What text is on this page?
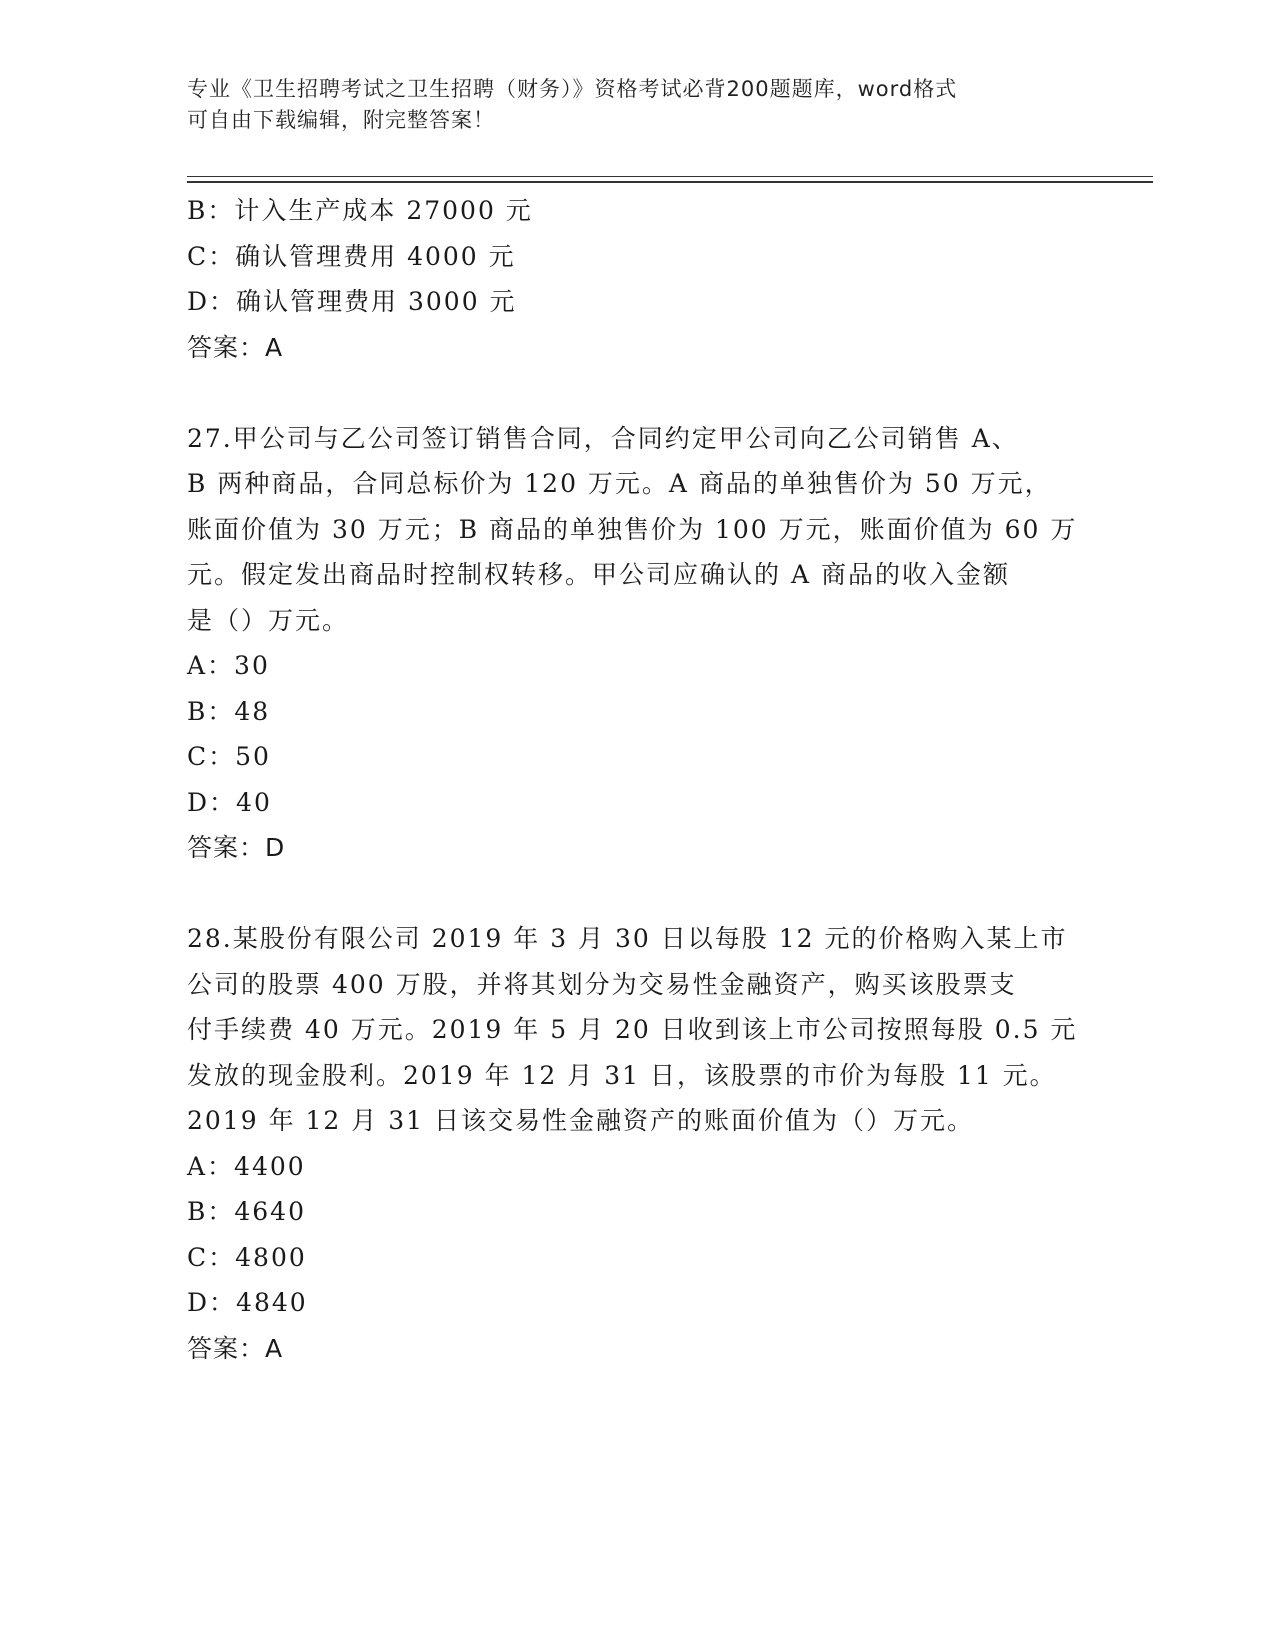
专业《卫生招聘考试之卫生招聘（财务）》资格考试必背200题题库，word格式
可自由下载编辑，附完整答案！
B：计入生产成本 27000 元
C：确认管理费用 4000 元
D：确认管理费用 3000 元
答案：A
27.甲公司与乙公司签订销售合同，合同约定甲公司向乙公司销售 A、
B 两种商品，合同总标价为 120 万元。A 商品的单独售价为 50 万元，
账面价值为 30 万元；B 商品的单独售价为 100 万元，账面价值为 60 万
元。假定发出商品时控制权转移。甲公司应确认的 A 商品的收入金额
是（）万元。
A：30
B：48
C：50
D：40
答案：D
28.某股份有限公司 2019 年 3 月 30 日以每股 12 元的价格购入某上市
公司的股票 400 万股，并将其划分为交易性金融资产，购买该股票支
付手续费 40 万元。2019 年 5 月 20 日收到该上市公司按照每股 0.5 元
发放的现金股利。2019 年 12 月 31 日，该股票的市价为每股 11 元。
2019 年 12 月 31 日该交易性金融资产的账面价值为（）万元。
A：4400
B：4640
C：4800
D：4840
答案：A
